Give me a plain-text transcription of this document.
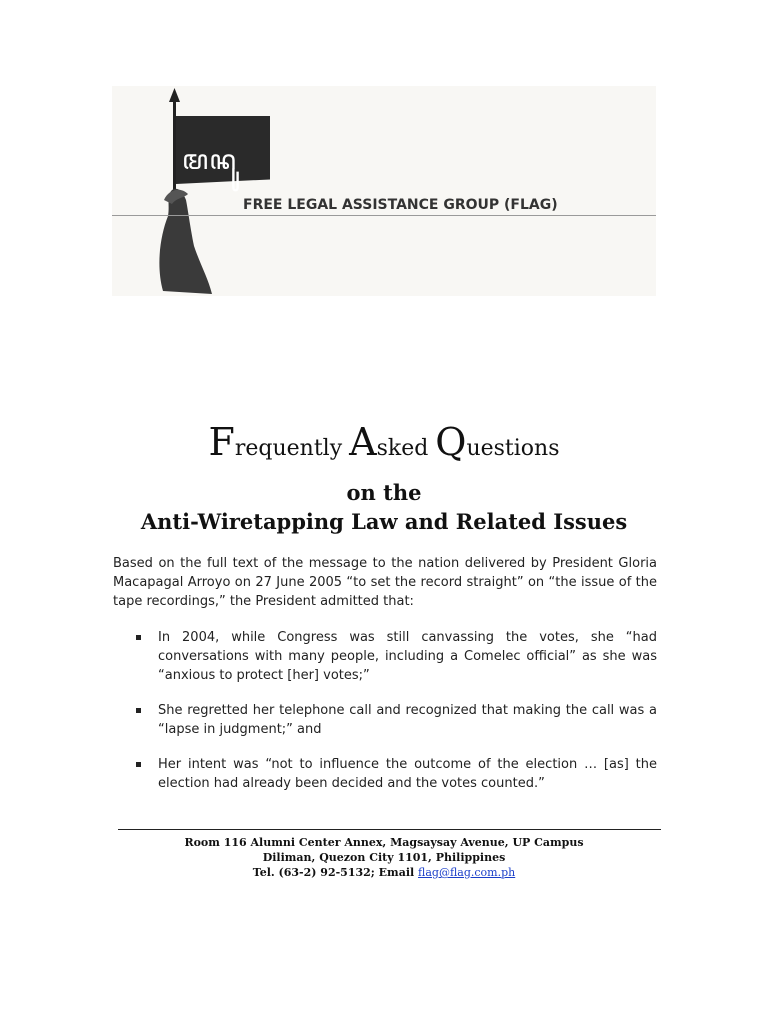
ꦩꦤꦸ
FREE LEGAL ASSISTANCE GROUP (FLAG)
Frequently Asked Questions
on the
Anti-Wiretapping Law and Related Issues

Based on the full text of the message to the nation delivered by President Gloria Macapagal Arroyo on 27 June 2005 “to set the record straight” on “the issue of the tape recordings,” the President admitted that:

In 2004, while Congress was still canvassing the votes, she “had conversations with many people, including a Comelec official” as she was “anxious to protect [her] votes;”
She regretted her telephone call and recognized that making the call was a “lapse in judgment;” and
Her intent was “not to influence the outcome of the election … [as] the election had already been decided and the votes counted.”
Room 116 Alumni Center Annex, Magsaysay Avenue, UP Campus
Diliman, Quezon City 1101, Philippines
Tel. (63-2) 92-5132; Email flag@flag.com.ph
